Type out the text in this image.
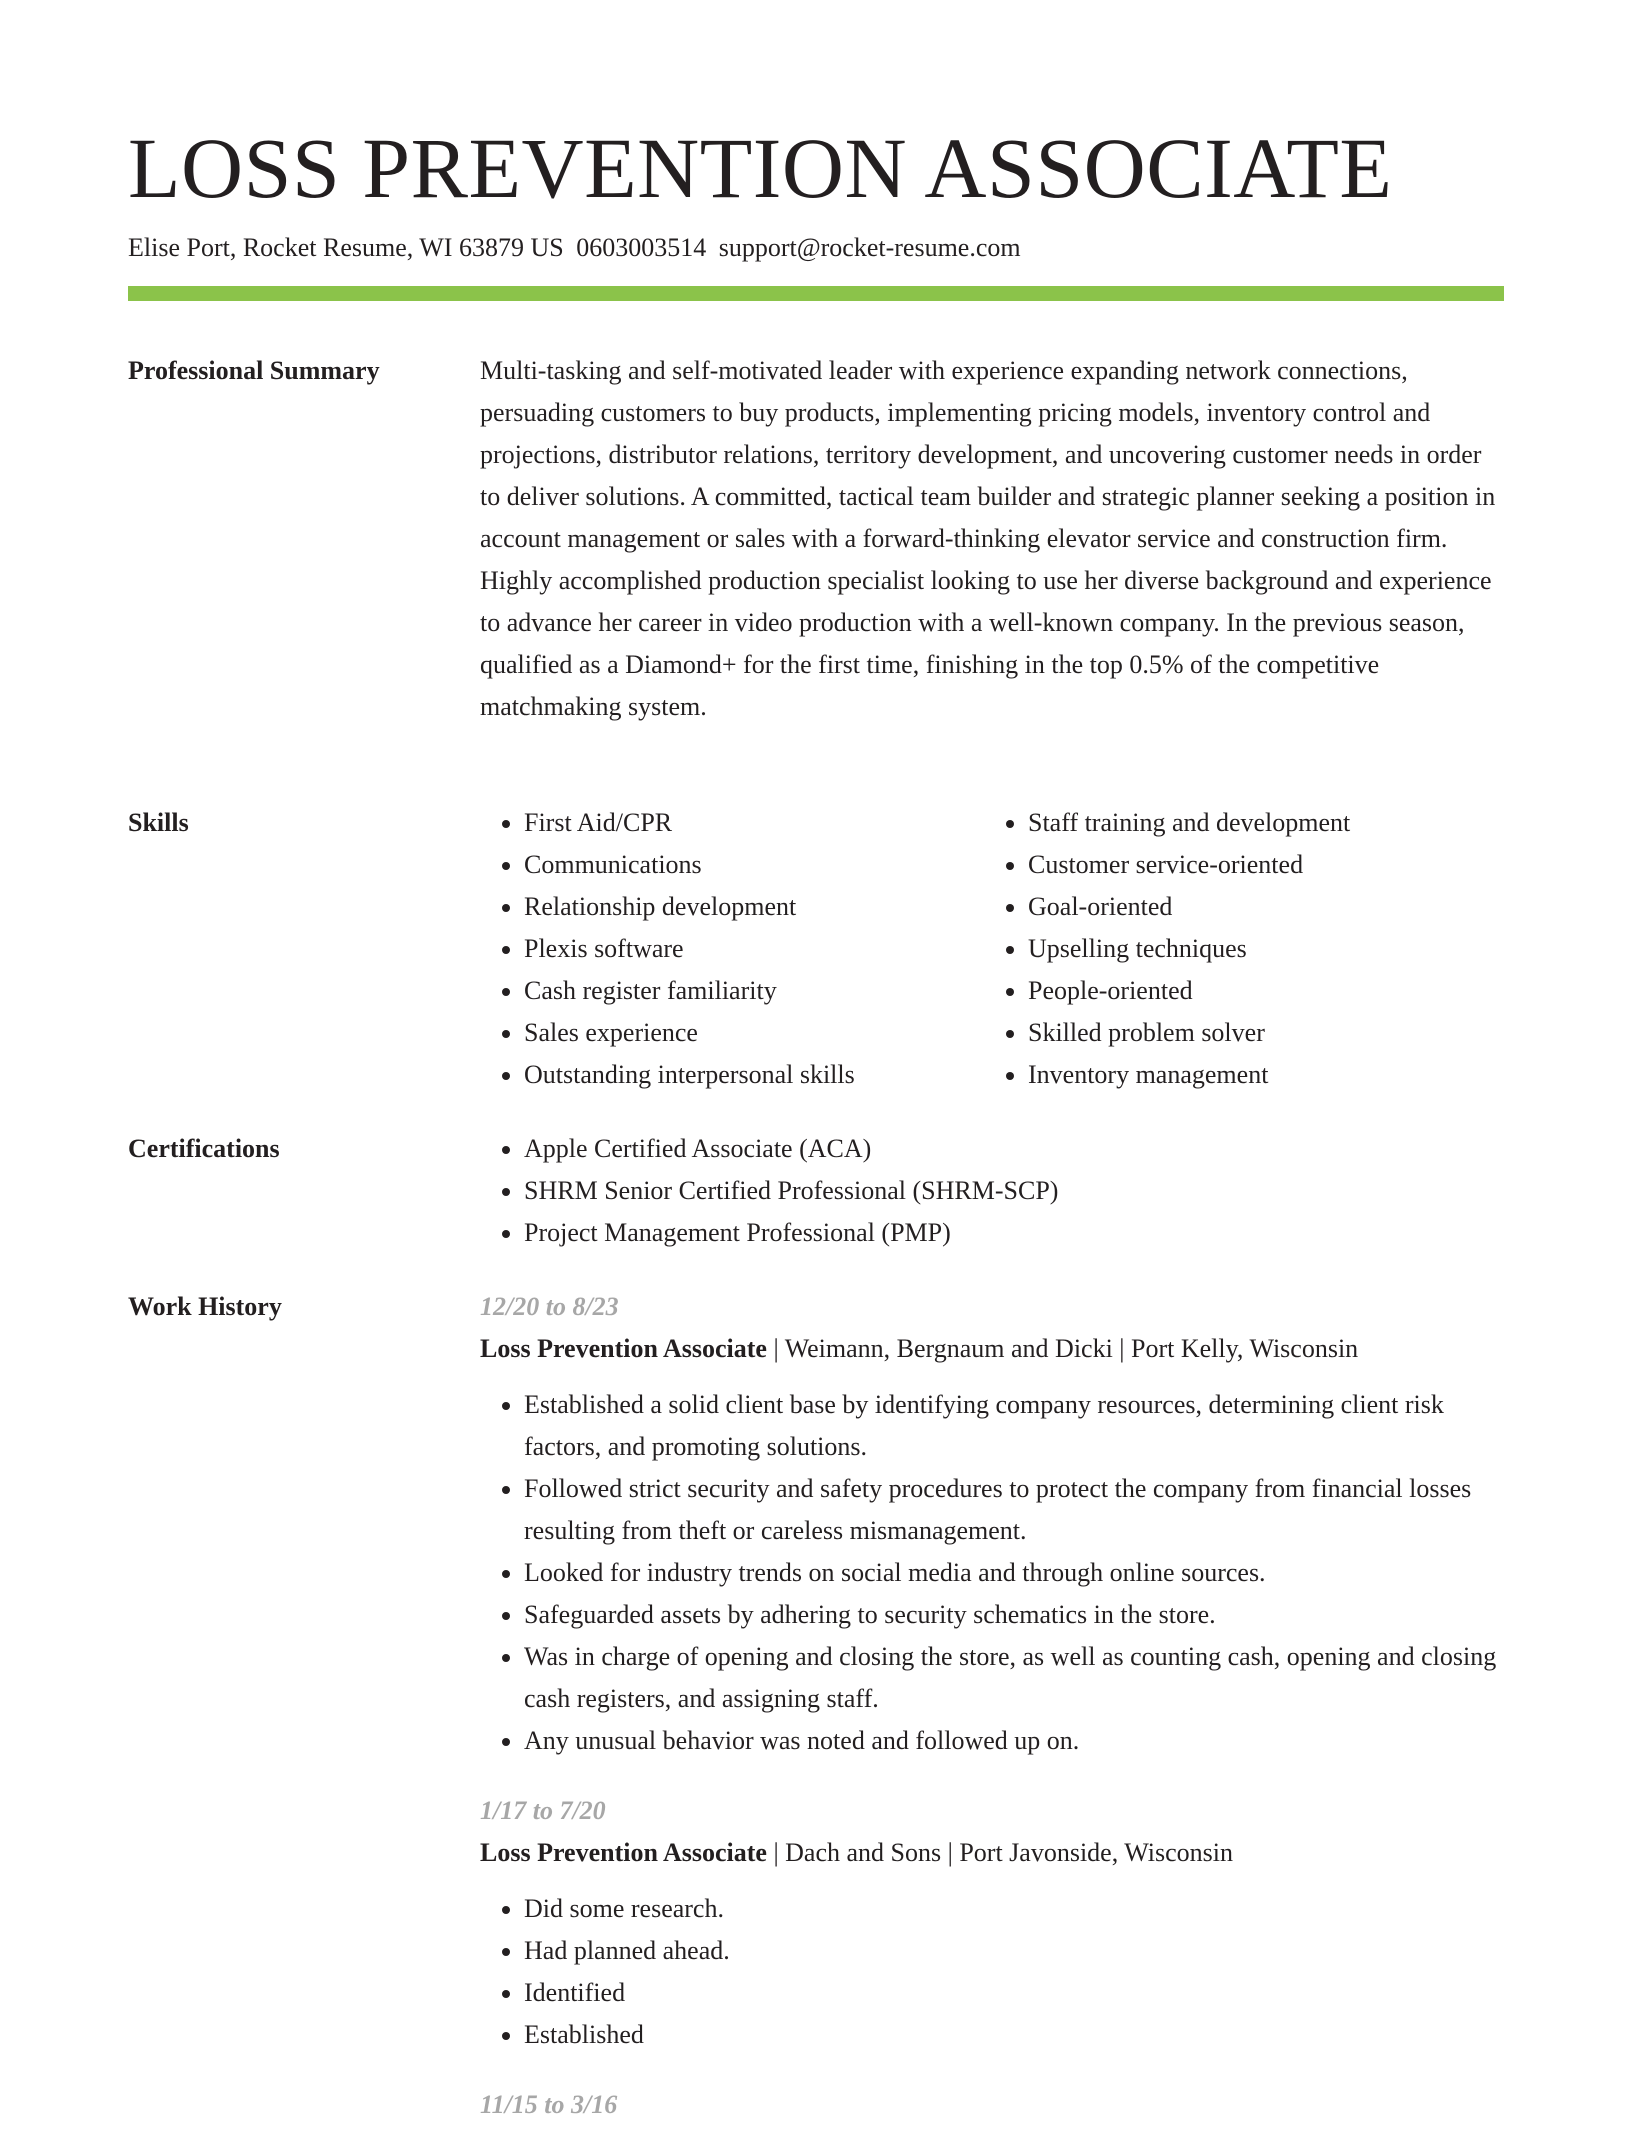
LOSS PREVENTION ASSOCIATE
Elise Port, Rocket Resume, WI 63879 US 0603003514 support@rocket-resume.com
Professional Summary	Multi-tasking and self-motivated leader with experience expanding network connections, persuading customers to buy products, implementing pricing models, inventory control and projections, distributor relations, territory development, and uncovering customer needs in order to deliver solutions. A committed, tactical team builder and strategic planner seeking a position in account management or sales with a forward-thinking elevator service and construction firm. Highly accomplished production specialist looking to use her diverse background and experience to advance her career in video production with a well-known company. In the previous season, qualified as a Diamond+ for the first time, finishing in the top 0.5% of the competitive matchmaking system.

Skills	• First Aid/CPR
• Communications
• Relationship development
• Plexis software
• Cash register familiarity
• Sales experience
• Outstanding interpersonal skills
• Staff training and development
• Customer service-oriented
• Goal-oriented
• Upselling techniques
• People-oriented
• Skilled problem solver
• Inventory management
Certifications	• Apple Certified Associate (ACA)
• SHRM Senior Certified Professional (SHRM-SCP)
• Project Management Professional (PMP)
Work History	12/20 to 8/23
Loss Prevention Associate | Weimann, Bergnaum and Dicki | Port Kelly, Wisconsin
• Established a solid client base by identifying company resources, determining client risk factors, and promoting solutions.
• Followed strict security and safety procedures to protect the company from financial losses resulting from theft or careless mismanagement.
• Looked for industry trends on social media and through online sources.
• Safeguarded assets by adhering to security schematics in the store.
• Was in charge of opening and closing the store, as well as counting cash, opening and closing cash registers, and assigning staff.
• Any unusual behavior was noted and followed up on.
1/17 to 7/20
Loss Prevention Associate | Dach and Sons | Port Javonside, Wisconsin
• Did some research.
• Had planned ahead.
• Identified
• Established
11/15 to 3/16
